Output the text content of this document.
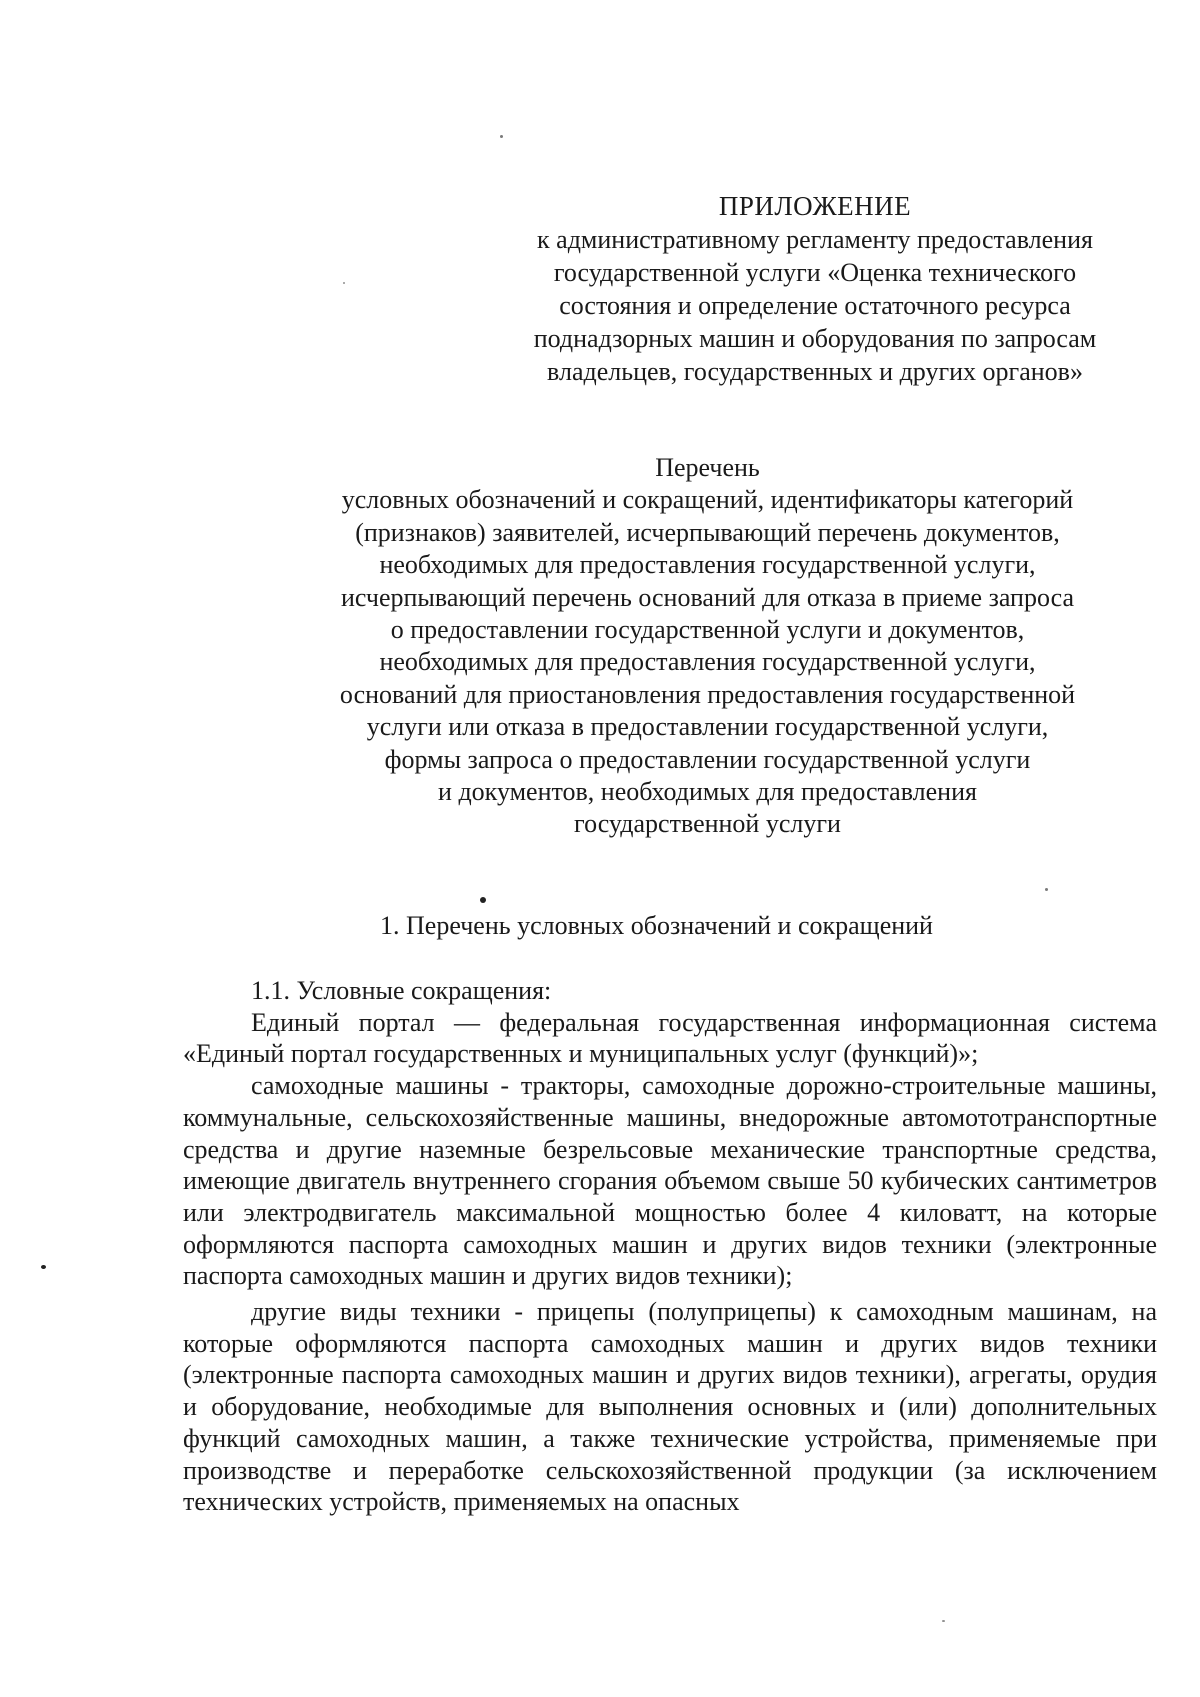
ПРИЛОЖЕНИЕ
к административному регламенту предоставления
государственной услуги «Оценка технического
состояния и определение остаточного ресурса
поднадзорных машин и оборудования по запросам
владельцев, государственных и других органов»
Перечень
условных обозначений и сокращений, идентификаторы категорий
(признаков) заявителей, исчерпывающий перечень документов,
необходимых для предоставления государственной услуги,
исчерпывающий перечень оснований для отказа в приеме запроса
о предоставлении государственной услуги и документов,
необходимых для предоставления государственной услуги,
оснований для приостановления предоставления государственной
услуги или отказа в предоставлении государственной услуги,
формы запроса о предоставлении государственной услуги
и документов, необходимых для предоставления
государственной услуги
1. Перечень условных обозначений и сокращений

1.1. Условные сокращения:

Единый портал — федеральная государственная информационная система «Единый портал государственных и муниципальных услуг (функций)»;

самоходные машины - тракторы, самоходные дорожно-строительные машины, коммунальные, сельскохозяйственные машины, внедорожные автомототранспортные средства и другие наземные безрельсовые механические транспортные средства, имеющие двигатель внутреннего сгорания объемом свыше 50 кубических сантиметров или электродвигатель максимальной мощностью более 4 киловатт, на которые оформляются паспорта самоходных машин и других видов техники (электронные паспорта самоходных машин и других видов техники);

другие виды техники - прицепы (полуприцепы) к самоходным машинам, на которые оформляются паспорта самоходных машин и других видов техники (электронные паспорта самоходных машин и других видов техники), агрегаты, орудия и оборудование, необходимые для выполнения основных и (или) дополнительных функций самоходных машин, а также технические устройства, применяемые при производстве и переработке сельскохозяйственной продукции (за исключением технических устройств, применяемых на опасных
